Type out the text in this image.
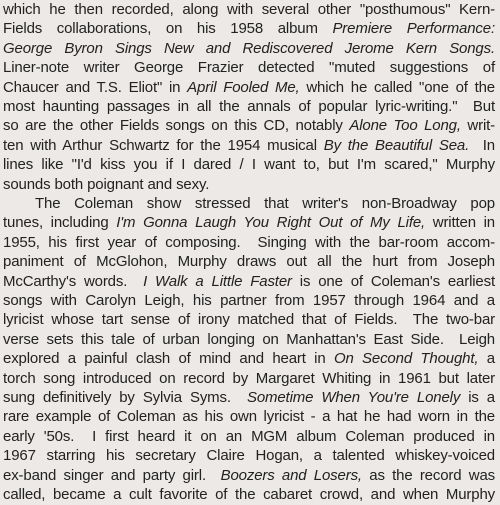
which he then recorded, along with several other "posthumous" Kern-
Fields collaborations, on his 1958 album Premiere Performance:
George Byron Sings New and Rediscovered Jerome Kern Songs.
Liner-note writer George Frazier detected "muted suggestions of
Chaucer and T.S. Eliot" in April Fooled Me, which he called "one of the
most haunting passages in all the annals of popular lyric-writing."  But
so are the other Fields songs on this CD, notably Alone Too Long, writ-
ten with Arthur Schwartz for the 1954 musical By the Beautiful Sea.  In
lines like "I'd kiss you if I dared / I want to, but I'm scared," Murphy
sounds both poignant and sexy.
The Coleman show stressed that writer's non-Broadway pop
tunes, including I'm Gonna Laugh You Right Out of My Life, written in
1955, his first year of composing.  Singing with the bar-room accom-
paniment of McGlohon, Murphy draws out all the hurt from Joseph
McCarthy's words.  I Walk a Little Faster is one of Coleman's earliest
songs with Carolyn Leigh, his partner from 1957 through 1964 and a
lyricist whose tart sense of irony matched that of Fields.  The two-bar
verse sets this tale of urban longing on Manhattan's East Side.  Leigh
explored a painful clash of mind and heart in On Second Thought, a
torch song introduced on record by Margaret Whiting in 1961 but later
sung definitively by Sylvia Syms.  Sometime When You're Lonely is a
rare example of Coleman as his own lyricist - a hat he had worn in the
early '50s.  I first heard it on an MGM album Coleman produced in
1967 starring his secretary Claire Hogan, a talented whiskey-voiced
ex-band singer and party girl.  Boozers and Losers, as the record was
called, became a cult favorite of the cabaret crowd, and when Murphy
